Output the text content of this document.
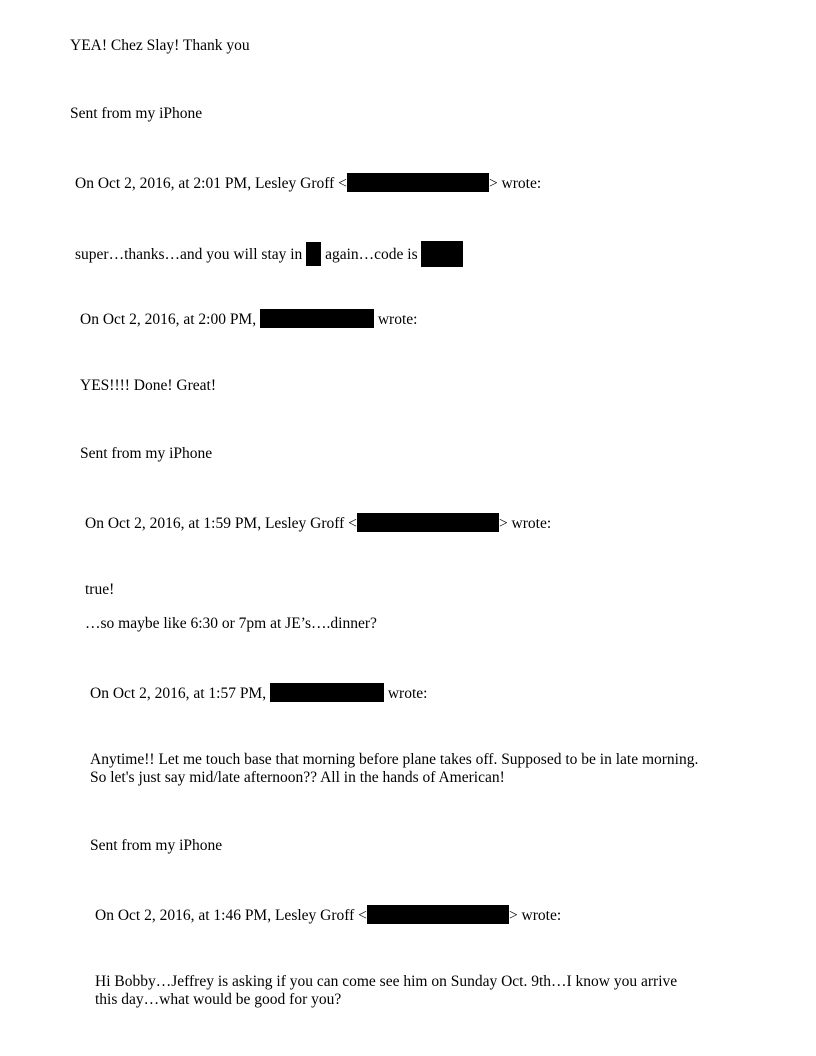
YEA! Chez Slay! Thank you
Sent from my iPhone
On Oct 2, 2016, at 2:01 PM, Lesley Groff <	> wrote:
super…thanks…and you will stay in again…code is
On Oct 2, 2016, at 2:00 PM,	wrote:
YES!!!! Done! Great!
Sent from my iPhone
On Oct 2, 2016, at 1:59 PM, Lesley Groff <	> wrote:
true!
…so maybe like 6:30 or 7pm at JE’s….dinner?
On Oct 2, 2016, at 1:57 PM,	wrote:
Anytime!! Let me touch base that morning before plane takes off. Supposed to be in late morning.
So let's just say mid/late afternoon?? All in the hands of American!
Sent from my iPhone
On Oct 2, 2016, at 1:46 PM, Lesley Groff <	> wrote:
Hi Bobby…Jeffrey is asking if you can come see him on Sunday Oct. 9th…I know you arrive
this day…what would be good for you?
